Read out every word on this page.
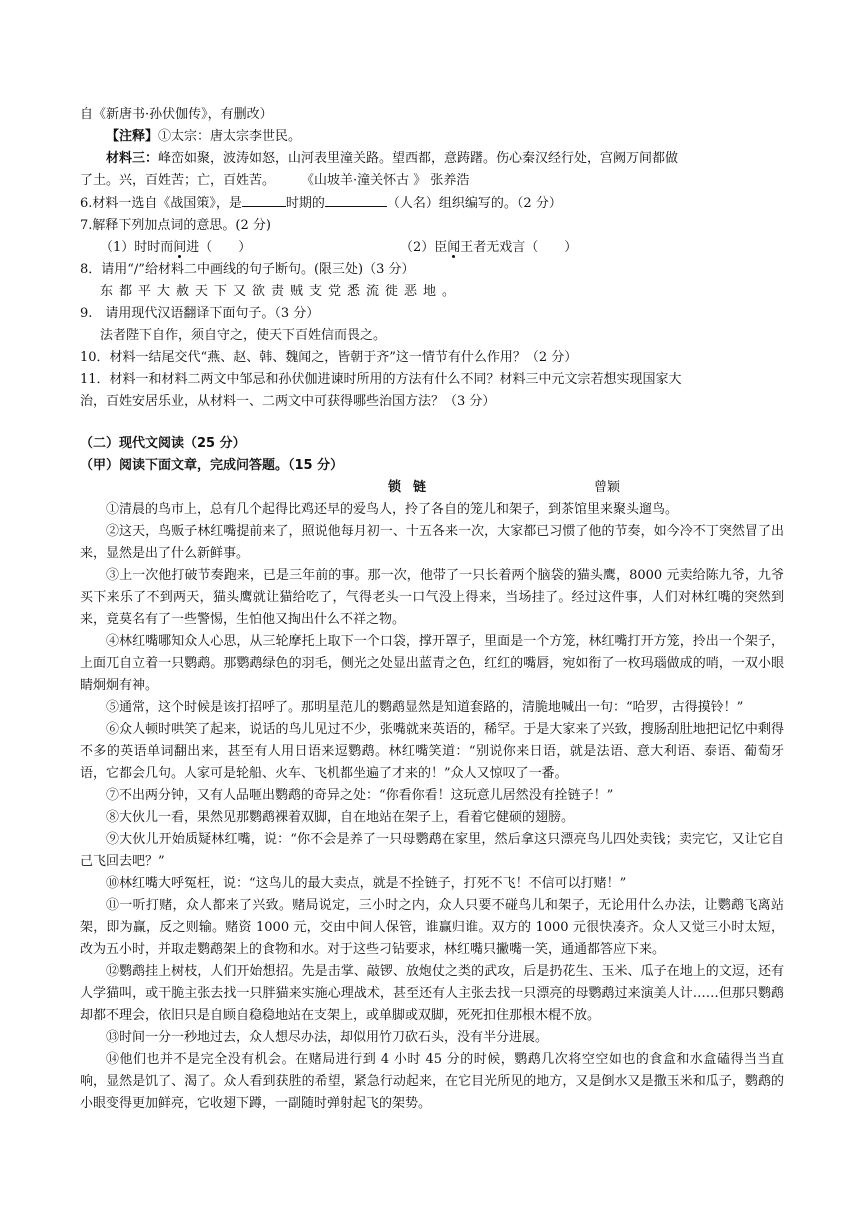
自《新唐书·孙伏伽传》，有删改）

【注释】①太宗：唐太宗李世民。

材料三：峰峦如聚，波涛如怒，山河表里潼关路。望西都，意踌躇。伤心秦汉经行处，宫阙万间都做

了土。兴，百姓苦；亡，百姓苦。 《山坡羊·潼关怀古 》 张养浩

6.材料一选自《战国策》，是	时期的	（人名）组织编写的。（2 分）

7.解释下列加点词的意思。(2 分)

（1）时时而间进（　　）	（2）臣闻王者无戏言（　　）

8．请用“/”给材料二中画线的句子断句。(限三处)（3 分）

东都平大赦天下又欲责贼支党悉流徙恶地。

9.　请用现代汉语翻译下面句子。（3 分）

法者陛下自作，须自守之，使天下百姓信而畏之。

10．材料一结尾交代“燕、赵、韩、魏闻之，皆朝于齐”这一情节有什么作用？（2 分）

11．材料一和材料二两文中邹忌和孙伏伽进谏时所用的方法有什么不同？材料三中元文宗若想实现国家大

治，百姓安居乐业，从材料一、二两文中可获得哪些治国方法？（3 分）

（二）现代文阅读（25 分）

（甲）阅读下面文章，完成问答题。（15 分）

锁链	曾颖

①清晨的鸟市上，总有几个起得比鸡还早的爱鸟人，拎了各自的笼儿和架子，到茶馆里来聚头遛鸟。

②这天，鸟贩子林红嘴提前来了，照说他每月初一、十五各来一次，大家都已习惯了他的节奏，如今冷不丁突然冒了出来，显然是出了什么新鲜事。

③上一次他打破节奏跑来，已是三年前的事。那一次，他带了一只长着两个脑袋的猫头鹰，8000 元卖给陈九爷，九爷买下来乐了不到两天，猫头鹰就让猫给吃了，气得老头一口气没上得来，当场挂了。经过这件事，人们对林红嘴的突然到来，竟莫名有了一些警惕，生怕他又掏出什么不祥之物。

④林红嘴哪知众人心思，从三轮摩托上取下一个口袋，撑开罩子，里面是一个方笼，林红嘴打开方笼，拎出一个架子，上面兀自立着一只鹦鹉。那鹦鹉绿色的羽毛，侧光之处显出蓝青之色，红红的嘴唇，宛如衔了一枚玛瑙做成的哨，一双小眼睛炯炯有神。

⑤通常，这个时候是该打招呼了。那明星范儿的鹦鹉显然是知道套路的，清脆地喊出一句：“哈罗，古得摸铃！”

⑥众人顿时哄笑了起来，说话的鸟儿见过不少，张嘴就来英语的，稀罕。于是大家来了兴致，搜肠刮肚地把记忆中剩得不多的英语单词翻出来，甚至有人用日语来逗鹦鹉。林红嘴笑道：“别说你来日语，就是法语、意大利语、泰语、葡萄牙语，它都会几句。人家可是轮船、火车、飞机都坐遍了才来的！”众人又惊叹了一番。

⑦不出两分钟，又有人品咂出鹦鹉的奇异之处：“你看你看！这玩意儿居然没有拴链子！”

⑧大伙儿一看，果然见那鹦鹉裸着双脚，自在地站在架子上，看着它健硕的翅膀。

⑨大伙儿开始质疑林红嘴，说：“你不会是养了一只母鹦鹉在家里，然后拿这只漂亮鸟儿四处卖钱；卖完它，又让它自己飞回去吧？”

⑩林红嘴大呼冤枉，说：“这鸟儿的最大卖点，就是不拴链子，打死不飞！不信可以打赌！”

⑪一听打赌，众人都来了兴致。赌局说定，三小时之内，众人只要不碰鸟儿和架子，无论用什么办法，让鹦鹉飞离站架，即为赢，反之则输。赌资 1000 元，交由中间人保管，谁赢归谁。双方的 1000 元很快凑齐。众人又觉三小时太短，改为五小时，并取走鹦鹉架上的食物和水。对于这些刁钻要求，林红嘴只撇嘴一笑，通通都答应下来。

⑫鹦鹉挂上树枝，人们开始想招。先是击掌、敲锣、放炮仗之类的武攻，后是扔花生、玉米、瓜子在地上的文逗，还有人学猫叫，或干脆主张去找一只胖猫来实施心理战术，甚至还有人主张去找一只漂亮的母鹦鹉过来演美人计……但那只鹦鹉却都不理会，依旧只是自顾自稳稳地站在支架上，或单脚或双脚，死死扣住那根木棍不放。

⑬时间一分一秒地过去，众人想尽办法，却似用竹刀砍石头，没有半分进展。

⑭他们也并不是完全没有机会。在赌局进行到 4 小时 45 分的时候，鹦鹉几次将空空如也的食盒和水盒磕得当当直响，显然是饥了、渴了。众人看到获胜的希望，紧急行动起来，在它目光所见的地方，又是倒水又是撒玉米和瓜子，鹦鹉的小眼变得更加鲜亮，它收翅下蹲，一副随时弹射起飞的架势。
